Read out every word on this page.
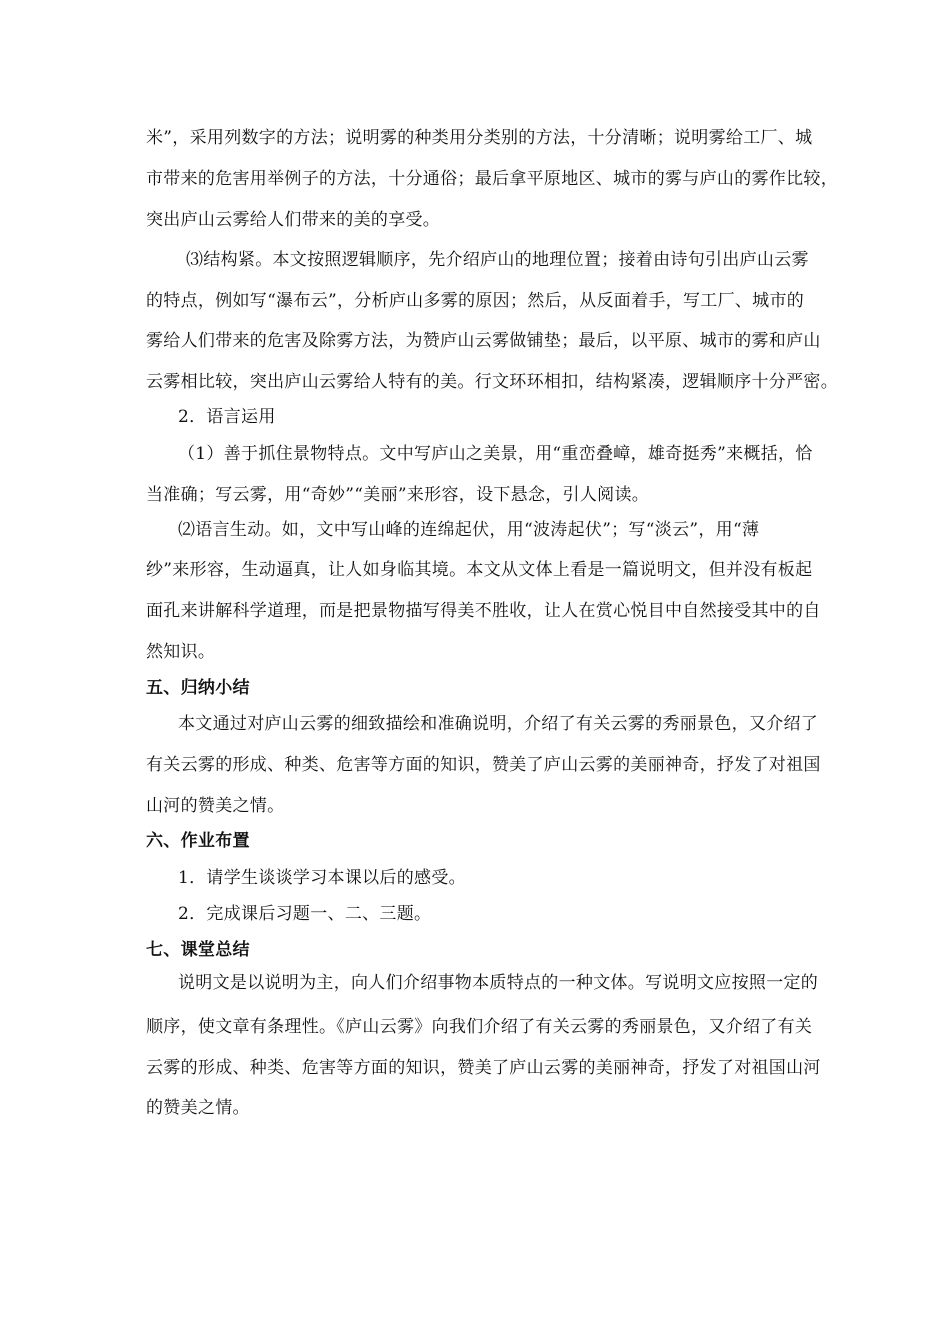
米”，采用列数字的方法；说明雾的种类用分类别的方法，十分清晰；说明雾给工厂、城
市带来的危害用举例子的方法，十分通俗；最后拿平原地区、城市的雾与庐山的雾作比较，
突出庐山云雾给人们带来的美的享受。
⑶结构紧。本文按照逻辑顺序，先介绍庐山的地理位置；接着由诗句引出庐山云雾
的特点，例如写“瀑布云”，分析庐山多雾的原因；然后，从反面着手，写工厂、城市的
雾给人们带来的危害及除雾方法，为赞庐山云雾做铺垫；最后，以平原、城市的雾和庐山
云雾相比较，突出庐山云雾给人特有的美。行文环环相扣，结构紧凑，逻辑顺序十分严密。
2．语言运用
（1）善于抓住景物特点。文中写庐山之美景，用“重峦叠嶂，雄奇挺秀”来概括，恰
当准确；写云雾，用“奇妙”“美丽”来形容，设下悬念，引人阅读。
⑵语言生动。如，文中写山峰的连绵起伏，用“波涛起伏”；写“淡云”，用“薄
纱”来形容，生动逼真，让人如身临其境。本文从文体上看是一篇说明文，但并没有板起
面孔来讲解科学道理，而是把景物描写得美不胜收，让人在赏心悦目中自然接受其中的自
然知识。
五、归纳小结
本文通过对庐山云雾的细致描绘和准确说明，介绍了有关云雾的秀丽景色，又介绍了
有关云雾的形成、种类、危害等方面的知识，赞美了庐山云雾的美丽神奇，抒发了对祖国
山河的赞美之情。
六、作业布置
1．请学生谈谈学习本课以后的感受。
2．完成课后习题一、二、三题。
七、课堂总结
说明文是以说明为主，向人们介绍事物本质特点的一种文体。写说明文应按照一定的
顺序，使文章有条理性。《庐山云雾》向我们介绍了有关云雾的秀丽景色，又介绍了有关
云雾的形成、种类、危害等方面的知识，赞美了庐山云雾的美丽神奇，抒发了对祖国山河
的赞美之情。
